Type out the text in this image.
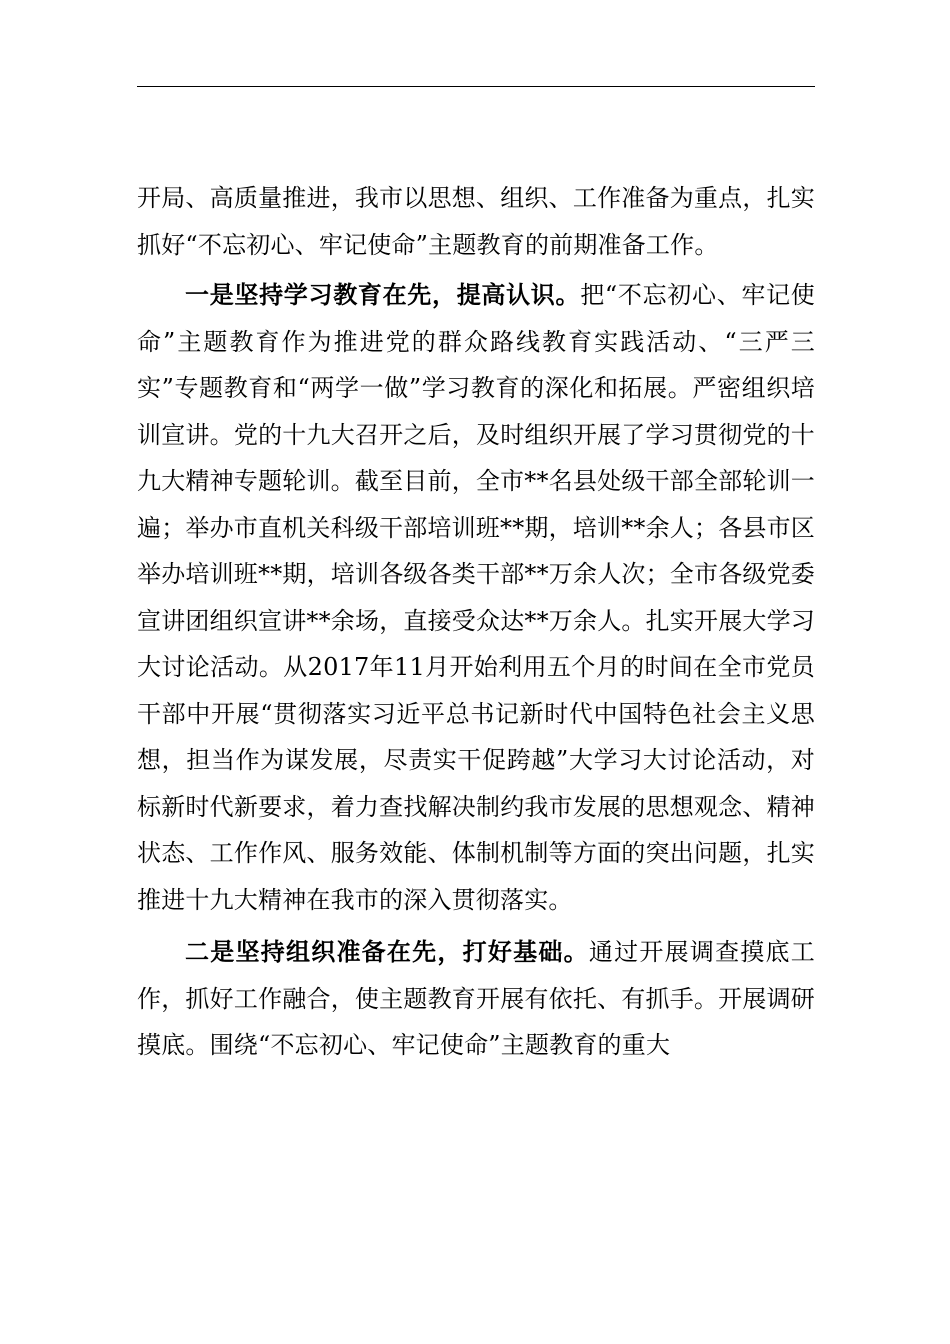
开局、高质量推进，我市以思想、组织、工作准备为重点，扎实抓好“不忘初心、牢记使命”主题教育的前期准备工作。

一是坚持学习教育在先，提高认识。把“不忘初心、牢记使命”主题教育作为推进党的群众路线教育实践活动、“三严三实”专题教育和“两学一做”学习教育的深化和拓展。严密组织培训宣讲。党的十九大召开之后，及时组织开展了学习贯彻党的十九大精神专题轮训。截至目前，全市**名县处级干部全部轮训一遍；举办市直机关科级干部培训班**期，培训**余人；各县市区举办培训班**期，培训各级各类干部**万余人次；全市各级党委宣讲团组织宣讲**余场，直接受众达**万余人。扎实开展大学习大讨论活动。从2017年11月开始利用五个月的时间在全市党员干部中开展“贯彻落实习近平总书记新时代中国特色社会主义思想，担当作为谋发展，尽责实干促跨越”大学习大讨论活动，对标新时代新要求，着力查找解决制约我市发展的思想观念、精神状态、工作作风、服务效能、体制机制等方面的突出问题，扎实推进十九大精神在我市的深入贯彻落实。

二是坚持组织准备在先，打好基础。通过开展调查摸底工作，抓好工作融合，使主题教育开展有依托、有抓手。开展调研摸底。围绕“不忘初心、牢记使命”主题教育的重大
